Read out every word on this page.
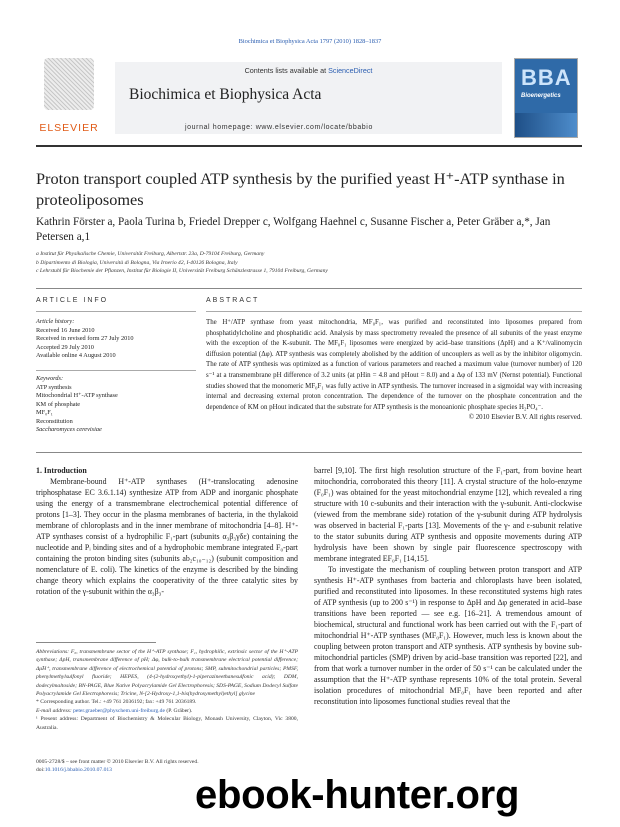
Biochimica et Biophysica Acta 1797 (2010) 1828–1837
ELSEVIER
Contents lists available at ScienceDirect
Biochimica et Biophysica Acta
journal homepage: www.elsevier.com/locate/bbabio
BBA
Bioenergetics
Proton transport coupled ATP synthesis by the purified yeast H⁺-ATP synthase in proteoliposomes
Kathrin Förster a, Paola Turina b, Friedel Drepper c, Wolfgang Haehnel c, Susanne Fischer a, Peter Gräber a,*, Jan Petersen a,1
a Institut für Physikalische Chemie, Universität Freiburg, Albertstr. 23a, D-79104 Freiburg, Germany
b Dipartimento di Biologia, Università di Bologna, Via Irnerio 42, I-40126 Bologna, Italy
c Lehrstuhl für Biochemie der Pflanzen, Institut für Biologie II, Universität Freiburg Schänzlestrasse 1, 79104 Freiburg, Germany
ARTICLE INFO	ABSTRACT
Article history:
Received 16 June 2010
Received in revised form 27 July 2010
Accepted 29 July 2010
Available online 4 August 2010
Keywords:
ATP synthesis
Mitochondrial H⁺-ATP synthase
KM of phosphate
MF₀F₁
Reconstitution
Saccharomyces cerevisiae
The H⁺/ATP synthase from yeast mitochondria, MF₀F₁, was purified and reconstituted into liposomes prepared from phosphatidylcholine and phosphatidic acid. Analysis by mass spectrometry revealed the presence of all subunits of the yeast enzyme with the exception of the K-subunit. The MF₀F₁ liposomes were energized by acid–base transitions (ΔpH) and a K⁺/valinomycin diffusion potential (Δφ). ATP synthesis was completely abolished by the addition of uncouplers as well as by the inhibitor oligomycin. The rate of ATP synthesis was optimized as a function of various parameters and reached a maximum value (turnover number) of 120 s⁻¹ at a transmembrane pH difference of 3.2 units (at pHin = 4.8 and pHout = 8.0) and a Δφ of 133 mV (Nernst potential). Functional studies showed that the monomeric MF₀F₁ was fully active in ATP synthesis. The turnover increased in a sigmoidal way with increasing internal and decreasing external proton concentration. The dependence of the turnover on the phosphate concentration and the dependence of KM on pHout indicated that the substrate for ATP synthesis is the monoanionic phosphate species H₂PO₄⁻.
© 2010 Elsevier B.V. All rights reserved.

1. Introduction

Membrane-bound H⁺-ATP synthases (H⁺-translocating adenosine triphosphatase EC 3.6.1.14) synthesize ATP from ADP and inorganic phosphate using the energy of a transmembrane electrochemical potential difference of protons [1–3]. They occur in the plasma membranes of bacteria, in the thylakoid membrane of chloroplasts and in the inner membrane of mitochondria [4–8]. H⁺-ATP synthases consist of a hydrophilic F₁-part (subunits α₃β₃γδε) containing the nucleotide and Pᵢ binding sites and of a hydrophobic membrane integrated F₀-part containing the proton binding sites (subunits ab₂c₁₀₋₁₂) (subunit composition and nomenclature of E. coli). The kinetics of the enzyme is described by the binding change theory which explains the cooperativity of the three catalytic sites by rotation of the γ-subunit within the α₃β₃-

barrel [9,10]. The first high resolution structure of the F₁-part, from bovine heart mitochondria, corroborated this theory [11]. A crystal structure of the holo-enzyme (F₀F₁) was obtained for the yeast mitochondrial enzyme [12], which revealed a ring structure with 10 c-subunits and their interaction with the γ-subunit. Anti-clockwise (viewed from the membrane side) rotation of the γ-subunit during ATP hydrolysis was observed in bacterial F₁-parts [13]. Movements of the γ- and ε-subunit relative to the stator subunits during ATP synthesis and opposite movements during ATP hydrolysis have been shown by single pair fluorescence spectroscopy with membrane integrated EF₀F₁ [14,15].

To investigate the mechanism of coupling between proton transport and ATP synthesis H⁺-ATP synthases from bacteria and chloroplasts have been isolated, purified and reconstituted into liposomes. In these reconstituted systems high rates of ATP synthesis (up to 200 s⁻¹) in response to ΔpH and Δφ generated in acid–base transitions have been reported — see e.g. [16–21]. A tremendous amount of biochemical, structural and functional work has been carried out with the F₁-part of mitochondrial H⁺-ATP synthases (MF₀F₁). However, much less is known about the coupling between proton transport and ATP synthesis. ATP synthesis by bovine sub-mitochondrial particles (SMP) driven by acid–base transition was reported [22], and from that work a turnover number in the order of 50 s⁻¹ can be calculated under the assumption that the H⁺-ATP synthase represents 10% of the total protein. Several isolation procedures of mitochondrial MF₀F₁ have been reported and after reconstitution into liposomes functional studies reveal that the

Abbreviations: F₀, transmembrane sector of the H⁺-ATP synthase; F₁, hydrophilic, extrinsic sector of the H⁺-ATP synthase; ΔpH, transmembrane difference of pH; Δφ, bulk-to-bulk transmembrane electrical potential difference; Δμ̃H⁺, transmembrane difference of electrochemical potential of protons; SMP, submitochondrial particles; PMSF, phenylmethylsulfonyl fluoride; HEPES, (4-(2-hydroxyethyl)-1-piperazineethanesulfonic acid); DDM, dodecylmaltoside; BN-PAGE, Blue Native Polyacrylamide Gel Electrophoresis; SDS-PAGE, Sodium Dodecyl Sulfate Polyacrylamide Gel Electrophoresis; Tricine, N-[2-Hydroxy-1,1-bis(hydroxymethyl)ethyl] glycine
* Corresponding author. Tel.: +49 761 2036192; fax: +49 761 2036189.
E-mail address: peter.graeber@physchem.uni-freiburg.de (P. Gräber).
¹ Present address: Department of Biochemistry & Molecular Biology, Monash University, Clayton, Vic 3800, Australia.
0005-2728/$ – see front matter © 2010 Elsevier B.V. All rights reserved.
doi:10.1016/j.bbabio.2010.07.013
ebook-hunter.org
